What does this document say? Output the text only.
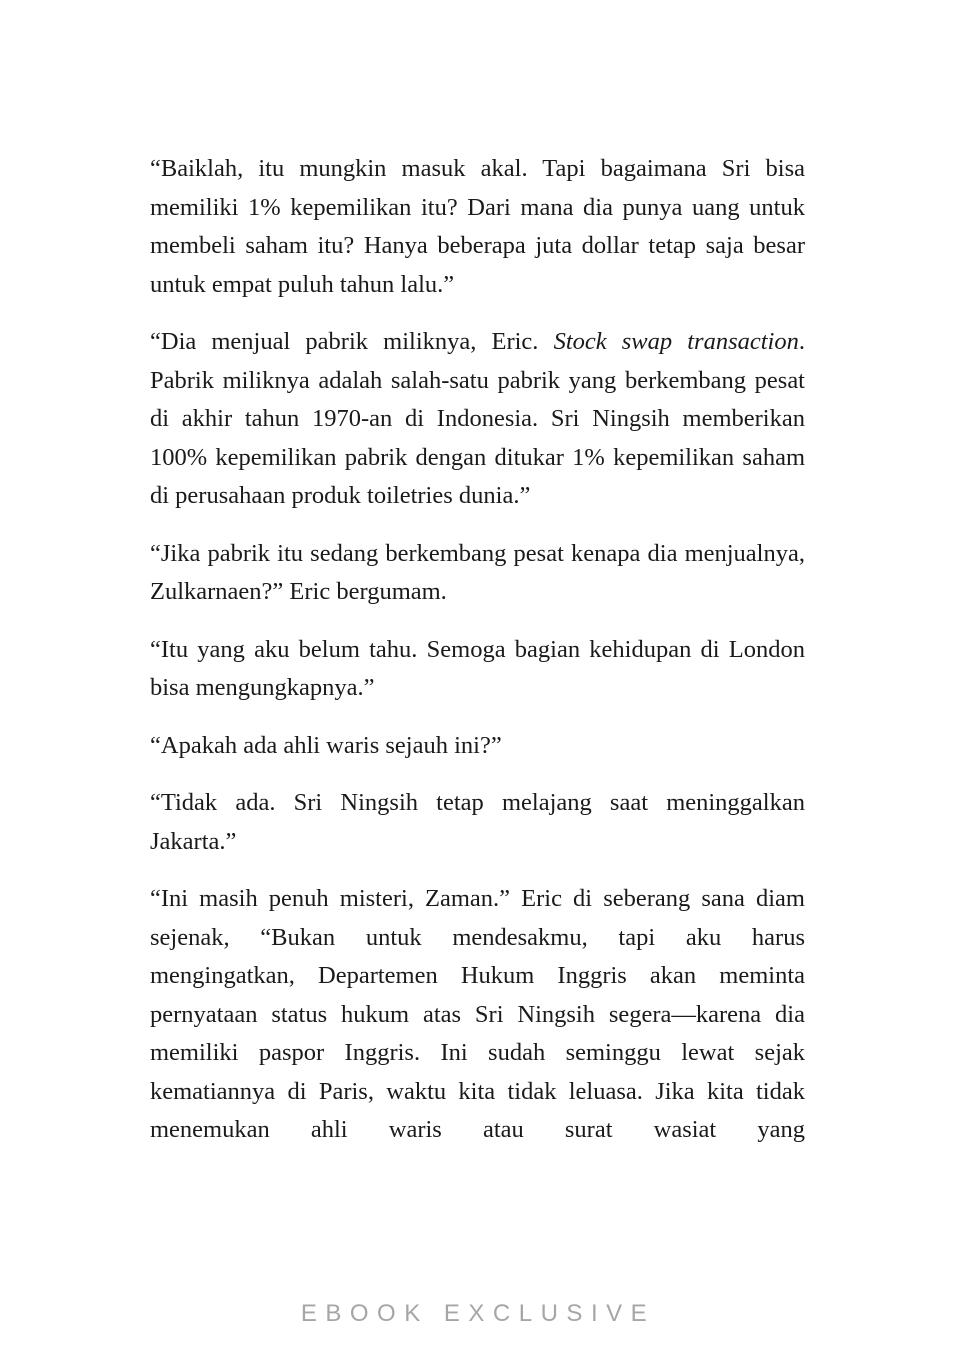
“Baiklah, itu mungkin masuk akal. Tapi bagaimana Sri bisa memiliki 1% kepemilikan itu? Dari mana dia punya uang untuk membeli saham itu? Hanya beberapa juta dollar tetap saja besar untuk empat puluh tahun lalu.”

“Dia menjual pabrik miliknya, Eric. Stock swap transaction. Pabrik miliknya adalah salah-satu pabrik yang berkembang pesat di akhir tahun 1970-an di Indonesia. Sri Ningsih memberikan 100% kepemilikan pabrik dengan ditukar 1% kepemilikan saham di perusahaan produk toiletries dunia.”

“Jika pabrik itu sedang berkembang pesat kenapa dia menjualnya, Zulkarnaen?” Eric bergumam.

“Itu yang aku belum tahu. Semoga bagian kehidupan di London bisa mengungkapnya.”

“Apakah ada ahli waris sejauh ini?”

“Tidak ada. Sri Ningsih tetap melajang saat meninggalkan Jakarta.”

“Ini masih penuh misteri, Zaman.” Eric di seberang sana diam sejenak, “Bukan untuk mendesakmu, tapi aku harus mengingatkan, Departemen Hukum Inggris akan meminta pernyataan status hukum atas Sri Ningsih segera—karena dia memiliki paspor Inggris. Ini sudah seminggu lewat sejak kematiannya di Paris, waktu kita tidak leluasa. Jika kita tidak menemukan ahli waris atau surat wasiat yang

EBOOK EXCLUSIVE
